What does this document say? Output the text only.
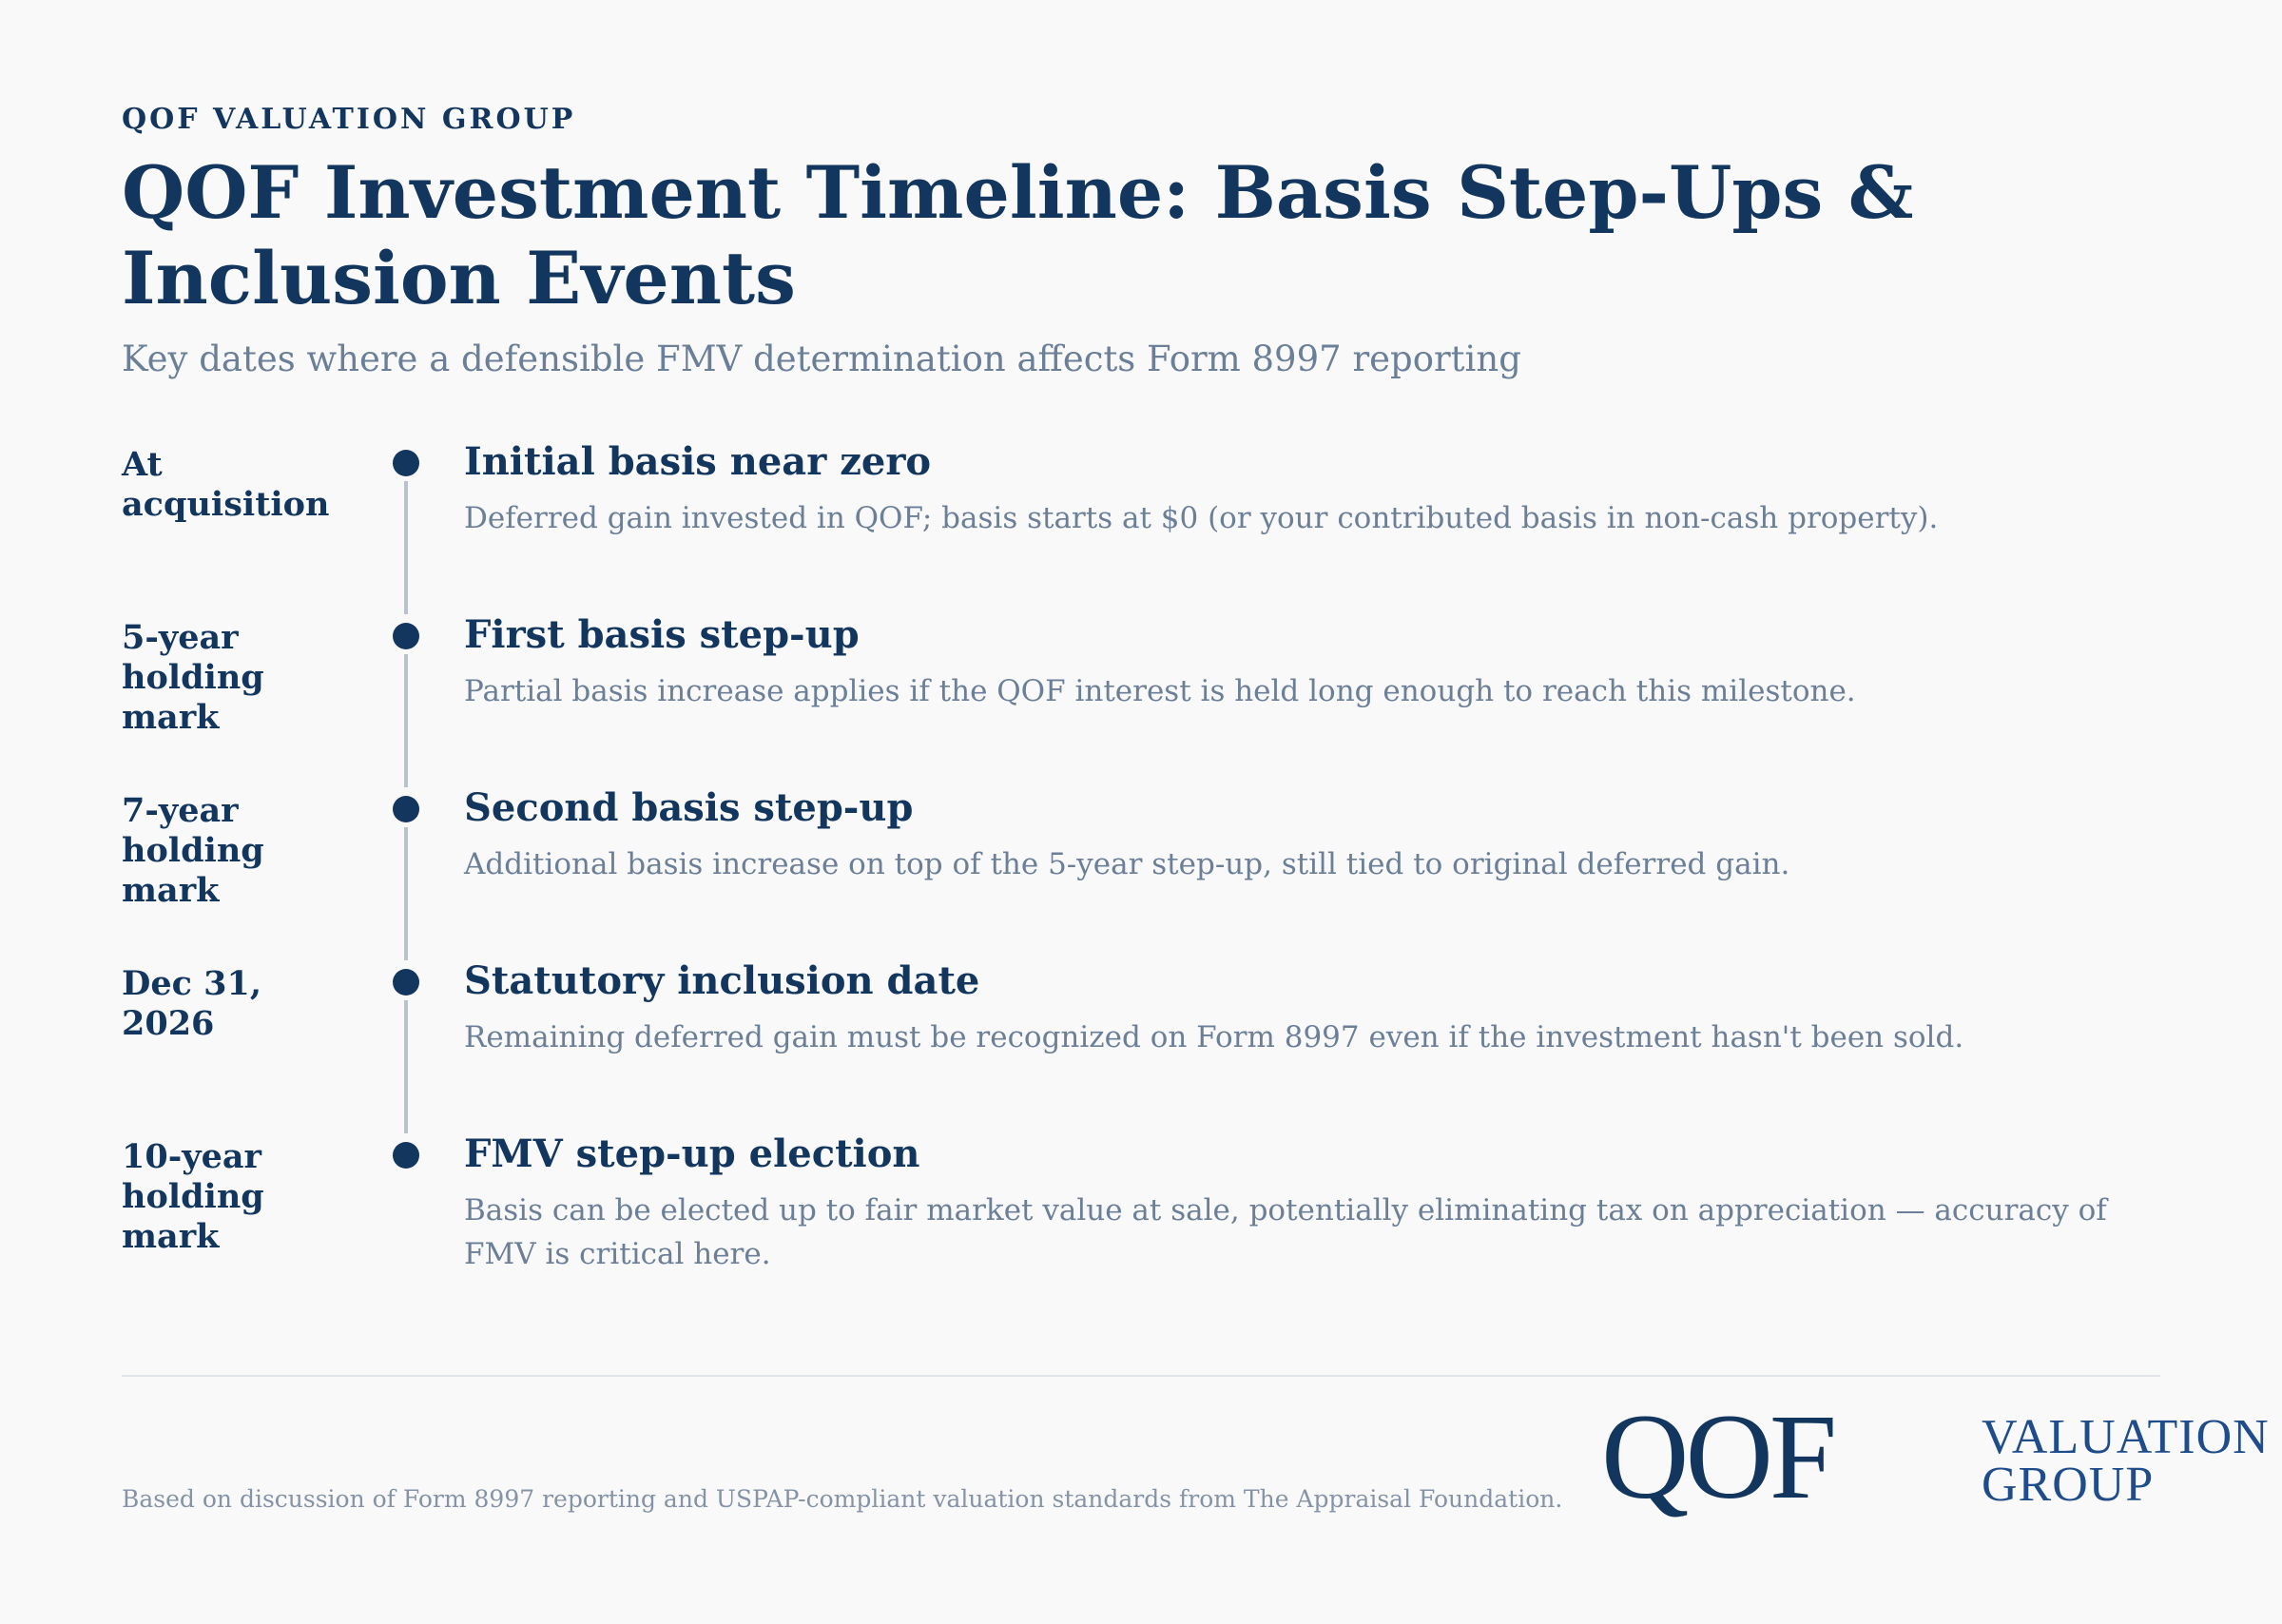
QOF VALUATION GROUP
QOF Investment Timeline: Basis Step-Ups & Inclusion Events
Key dates where a defensible FMV determination affects Form 8997 reporting
At acquisition
Initial basis near zero
Deferred gain invested in QOF; basis starts at $0 (or your contributed basis in non-cash property).
5-year holding mark
First basis step-up
Partial basis increase applies if the QOF interest is held long enough to reach this milestone.
7-year holding mark
Second basis step-up
Additional basis increase on top of the 5-year step-up, still tied to original deferred gain.
Dec 31, 2026
Statutory inclusion date
Remaining deferred gain must be recognized on Form 8997 even if the investment hasn't been sold.
10-year holding mark
FMV step-up election
Basis can be elected up to fair market value at sale, potentially eliminating tax on appreciation — accuracy of FMV is critical here.
Based on discussion of Form 8997 reporting and USPAP-compliant valuation standards from The Appraisal Foundation. QOF	VALUATION
GROUP
